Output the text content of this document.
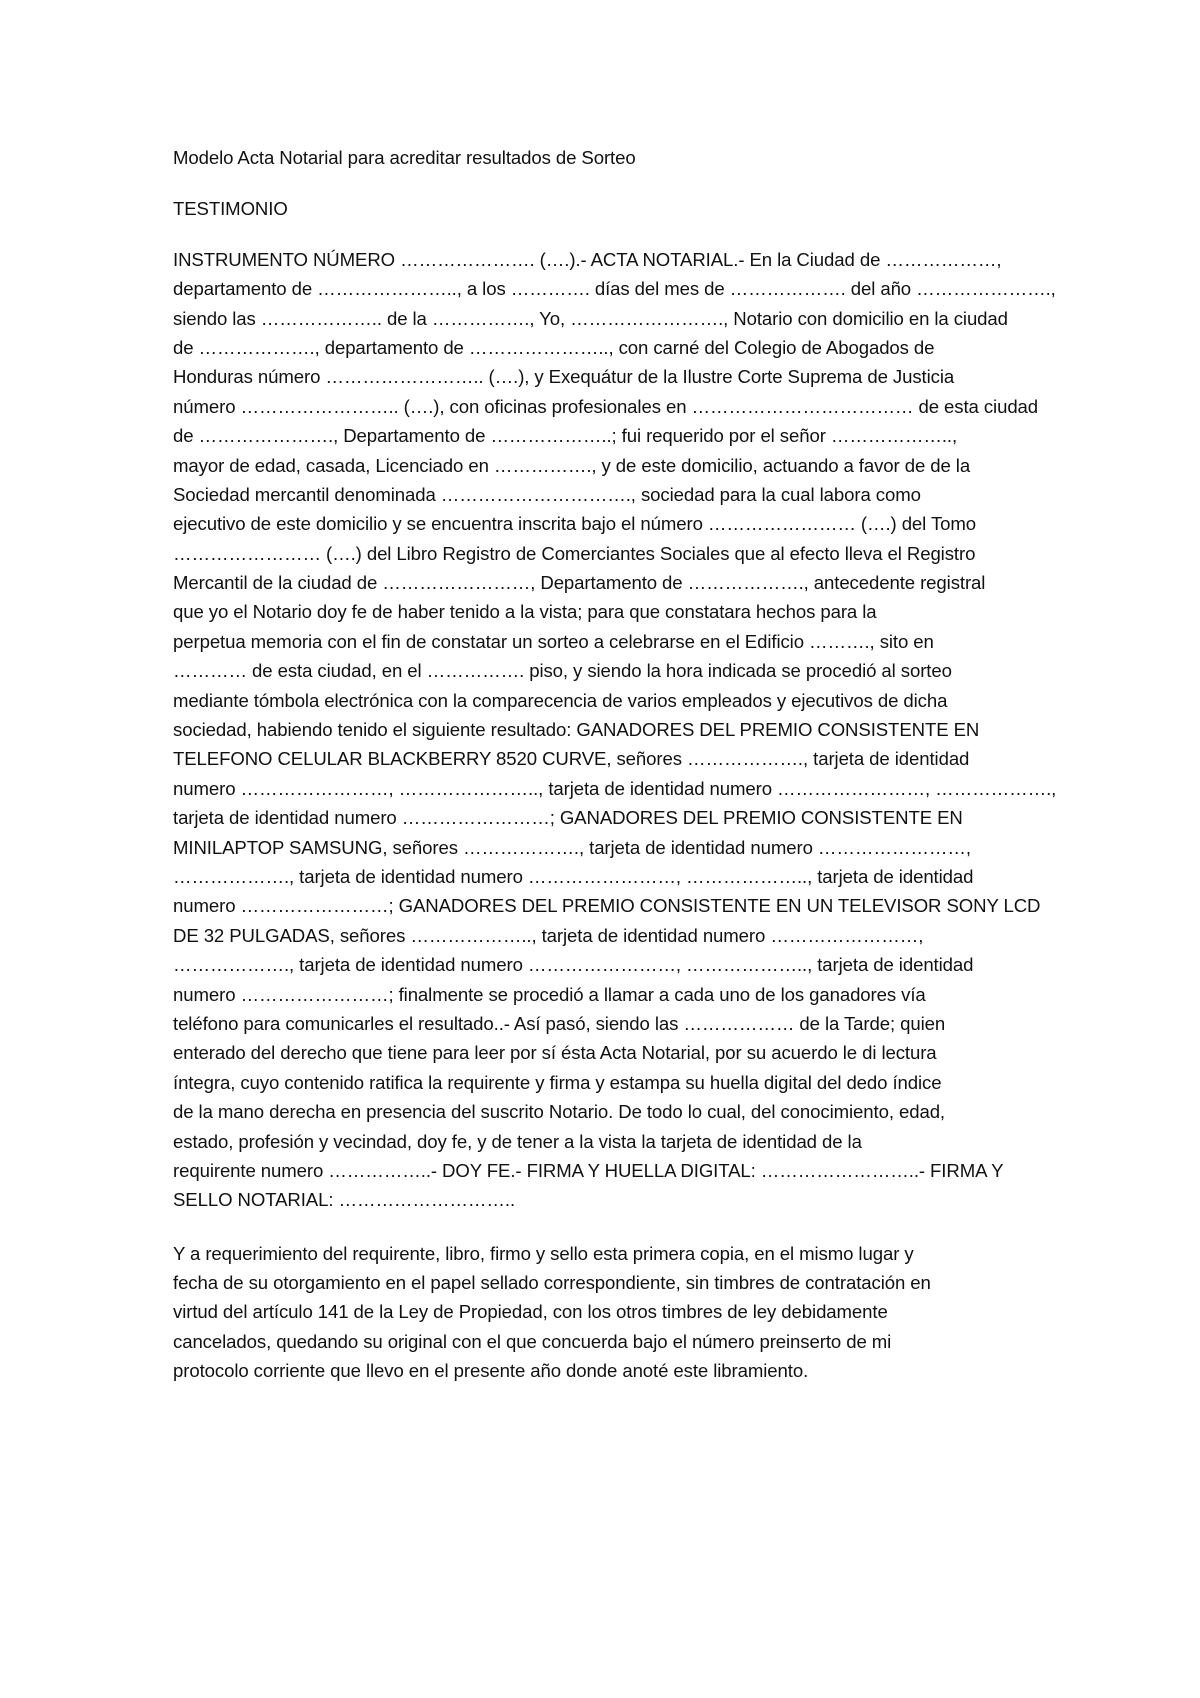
Modelo Acta Notarial para acreditar resultados de Sorteo
TESTIMONIO
INSTRUMENTO NÚMERO …………………. (….).- ACTA NOTARIAL.- En la Ciudad de ………………,
departamento de ………………….., a los …………. días del mes de ………………. del año ………………….,
siendo las ……………….. de la ……………., Yo, ……………………., Notario con domicilio en la ciudad
de ………………., departamento de ………………….., con carné del Colegio de Abogados de
Honduras número …………………….. (….), y Exequátur de la Ilustre Corte Suprema de Justicia
número …………………….. (….), con oficinas profesionales en ……………………………… de esta ciudad
de …………………., Departamento de ………………..; fui requerido por el señor ………………..,
mayor de edad, casada, Licenciado en ……………., y de este domicilio, actuando a favor de de la
Sociedad mercantil denominada …………………………., sociedad para la cual labora como
ejecutivo de este domicilio y se encuentra inscrita bajo el número …………………… (….) del Tomo
…………………… (….) del Libro Registro de Comerciantes Sociales que al efecto lleva el Registro
Mercantil de la ciudad de ……………………, Departamento de ………………., antecedente registral
que yo el Notario doy fe de haber tenido a la vista; para que constatara hechos para la
perpetua memoria con el fin de constatar un sorteo a celebrarse en el Edificio ………., sito en
………… de esta ciudad, en el ……………. piso, y siendo la hora indicada se procedió al sorteo
mediante tómbola electrónica con la comparecencia de varios empleados y ejecutivos de dicha
sociedad, habiendo tenido el siguiente resultado: GANADORES DEL PREMIO CONSISTENTE EN
TELEFONO CELULAR BLACKBERRY 8520 CURVE, señores ………………., tarjeta de identidad
numero ……………………, ………………….., tarjeta de identidad numero ……………………, ……………….,
tarjeta de identidad numero ……………………; GANADORES DEL PREMIO CONSISTENTE EN
MINILAPTOP SAMSUNG, señores ………………., tarjeta de identidad numero ……………………,
………………., tarjeta de identidad numero ……………………, ……………….., tarjeta de identidad
numero ……………………; GANADORES DEL PREMIO CONSISTENTE EN UN TELEVISOR SONY LCD
DE 32 PULGADAS, señores ……………….., tarjeta de identidad numero ……………………,
………………., tarjeta de identidad numero ……………………, ……………….., tarjeta de identidad
numero ……………………; finalmente se procedió a llamar a cada uno de los ganadores vía
teléfono para comunicarles el resultado..- Así pasó, siendo las ……………… de la Tarde; quien
enterado del derecho que tiene para leer por sí ésta Acta Notarial, por su acuerdo le di lectura
íntegra, cuyo contenido ratifica la requirente y firma y estampa su huella digital del dedo índice
de la mano derecha en presencia del suscrito Notario. De todo lo cual, del conocimiento, edad,
estado, profesión y vecindad, doy fe, y de tener a la vista la tarjeta de identidad de la
requirente numero ……………..- DOY FE.- FIRMA Y HUELLA DIGITAL: ……………………..- FIRMA Y
SELLO NOTARIAL: ………………………..
Y a requerimiento del requirente, libro, firmo y sello esta primera copia, en el mismo lugar y
fecha de su otorgamiento en el papel sellado correspondiente, sin timbres de contratación en
virtud del artículo 141 de la Ley de Propiedad, con los otros timbres de ley debidamente
cancelados, quedando su original con el que concuerda bajo el número preinserto de mi
protocolo corriente que llevo en el presente año donde anoté este libramiento.
